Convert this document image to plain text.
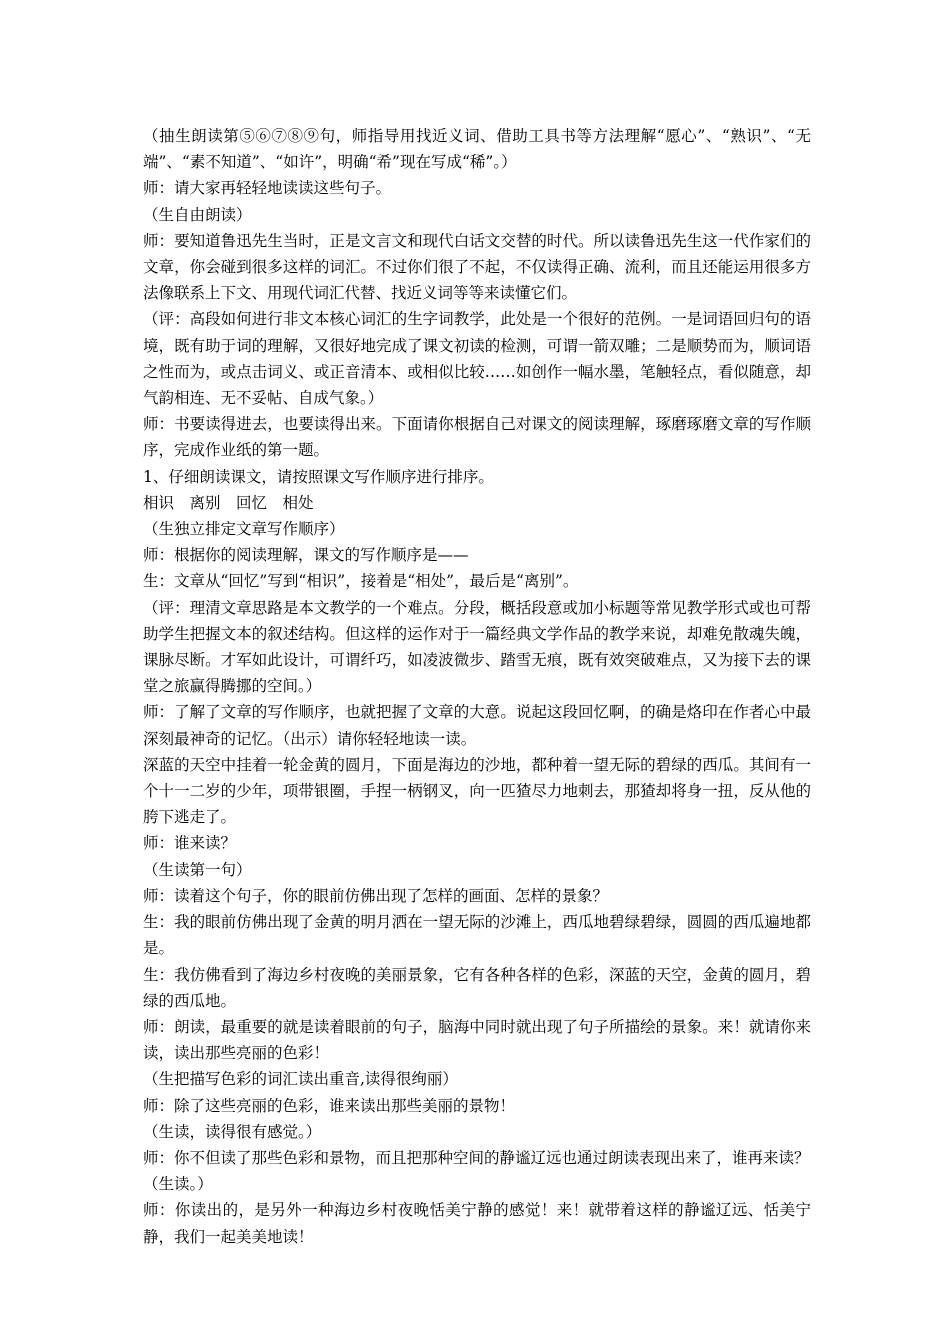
（抽生朗读第⑤⑥⑦⑧⑨句，师指导用找近义词、借助工具书等方法理解“愿心”、“熟识”、“无端”、“素不知道”、“如许”，明确“希”现在写成“稀”。）

师：请大家再轻轻地读读这些句子。

（生自由朗读）

师：要知道鲁迅先生当时，正是文言文和现代白话文交替的时代。所以读鲁迅先生这一代作家们的文章，你会碰到很多这样的词汇。不过你们很了不起，不仅读得正确、流利，而且还能运用很多方法像联系上下文、用现代词汇代替、找近义词等等来读懂它们。

（评：高段如何进行非文本核心词汇的生字词教学，此处是一个很好的范例。一是词语回归句的语境，既有助于词的理解，又很好地完成了课文初读的检测，可谓一箭双雕；二是顺势而为，顺词语之性而为，或点击词义、或正音清本、或相似比较……如创作一幅水墨，笔触轻点，看似随意，却气韵相连、无不妥帖、自成气象。）

师：书要读得进去，也要读得出来。下面请你根据自己对课文的阅读理解，琢磨琢磨文章的写作顺序，完成作业纸的第一题。

1、仔细朗读课文，请按照课文写作顺序进行排序。

相识　离别　回忆　相处

（生独立排定文章写作顺序）

师：根据你的阅读理解，课文的写作顺序是——

生：文章从“回忆”写到“相识”，接着是“相处”，最后是“离别”。

（评：理清文章思路是本文教学的一个难点。分段，概括段意或加小标题等常见教学形式或也可帮助学生把握文本的叙述结构。但这样的运作对于一篇经典文学作品的教学来说，却难免散魂失魄，课脉尽断。才军如此设计，可谓纤巧，如凌波微步、踏雪无痕，既有效突破难点，又为接下去的课堂之旅赢得腾挪的空间。）

师：了解了文章的写作顺序，也就把握了文章的大意。说起这段回忆啊，的确是烙印在作者心中最深刻最神奇的记忆。（出示）请你轻轻地读一读。

深蓝的天空中挂着一轮金黄的圆月，下面是海边的沙地，都种着一望无际的碧绿的西瓜。其间有一个十一二岁的少年，项带银圈，手捏一柄钢叉，向一匹猹尽力地刺去，那猹却将身一扭，反从他的胯下逃走了。

师：谁来读？

（生读第一句）

师：读着这个句子，你的眼前仿佛出现了怎样的画面、怎样的景象？

生：我的眼前仿佛出现了金黄的明月洒在一望无际的沙滩上，西瓜地碧绿碧绿，圆圆的西瓜遍地都是。

生：我仿佛看到了海边乡村夜晚的美丽景象，它有各种各样的色彩，深蓝的天空，金黄的圆月，碧绿的西瓜地。

师：朗读，最重要的就是读着眼前的句子，脑海中同时就出现了句子所描绘的景象。来！就请你来读，读出那些亮丽的色彩！

（生把描写色彩的词汇读出重音,读得很绚丽）

师：除了这些亮丽的色彩，谁来读出那些美丽的景物！

（生读，读得很有感觉。）

师：你不但读了那些色彩和景物，而且把那种空间的静谧辽远也通过朗读表现出来了，谁再来读？

（生读。）

师：你读出的，是另外一种海边乡村夜晚恬美宁静的感觉！来！就带着这样的静谧辽远、恬美宁静，我们一起美美地读！
